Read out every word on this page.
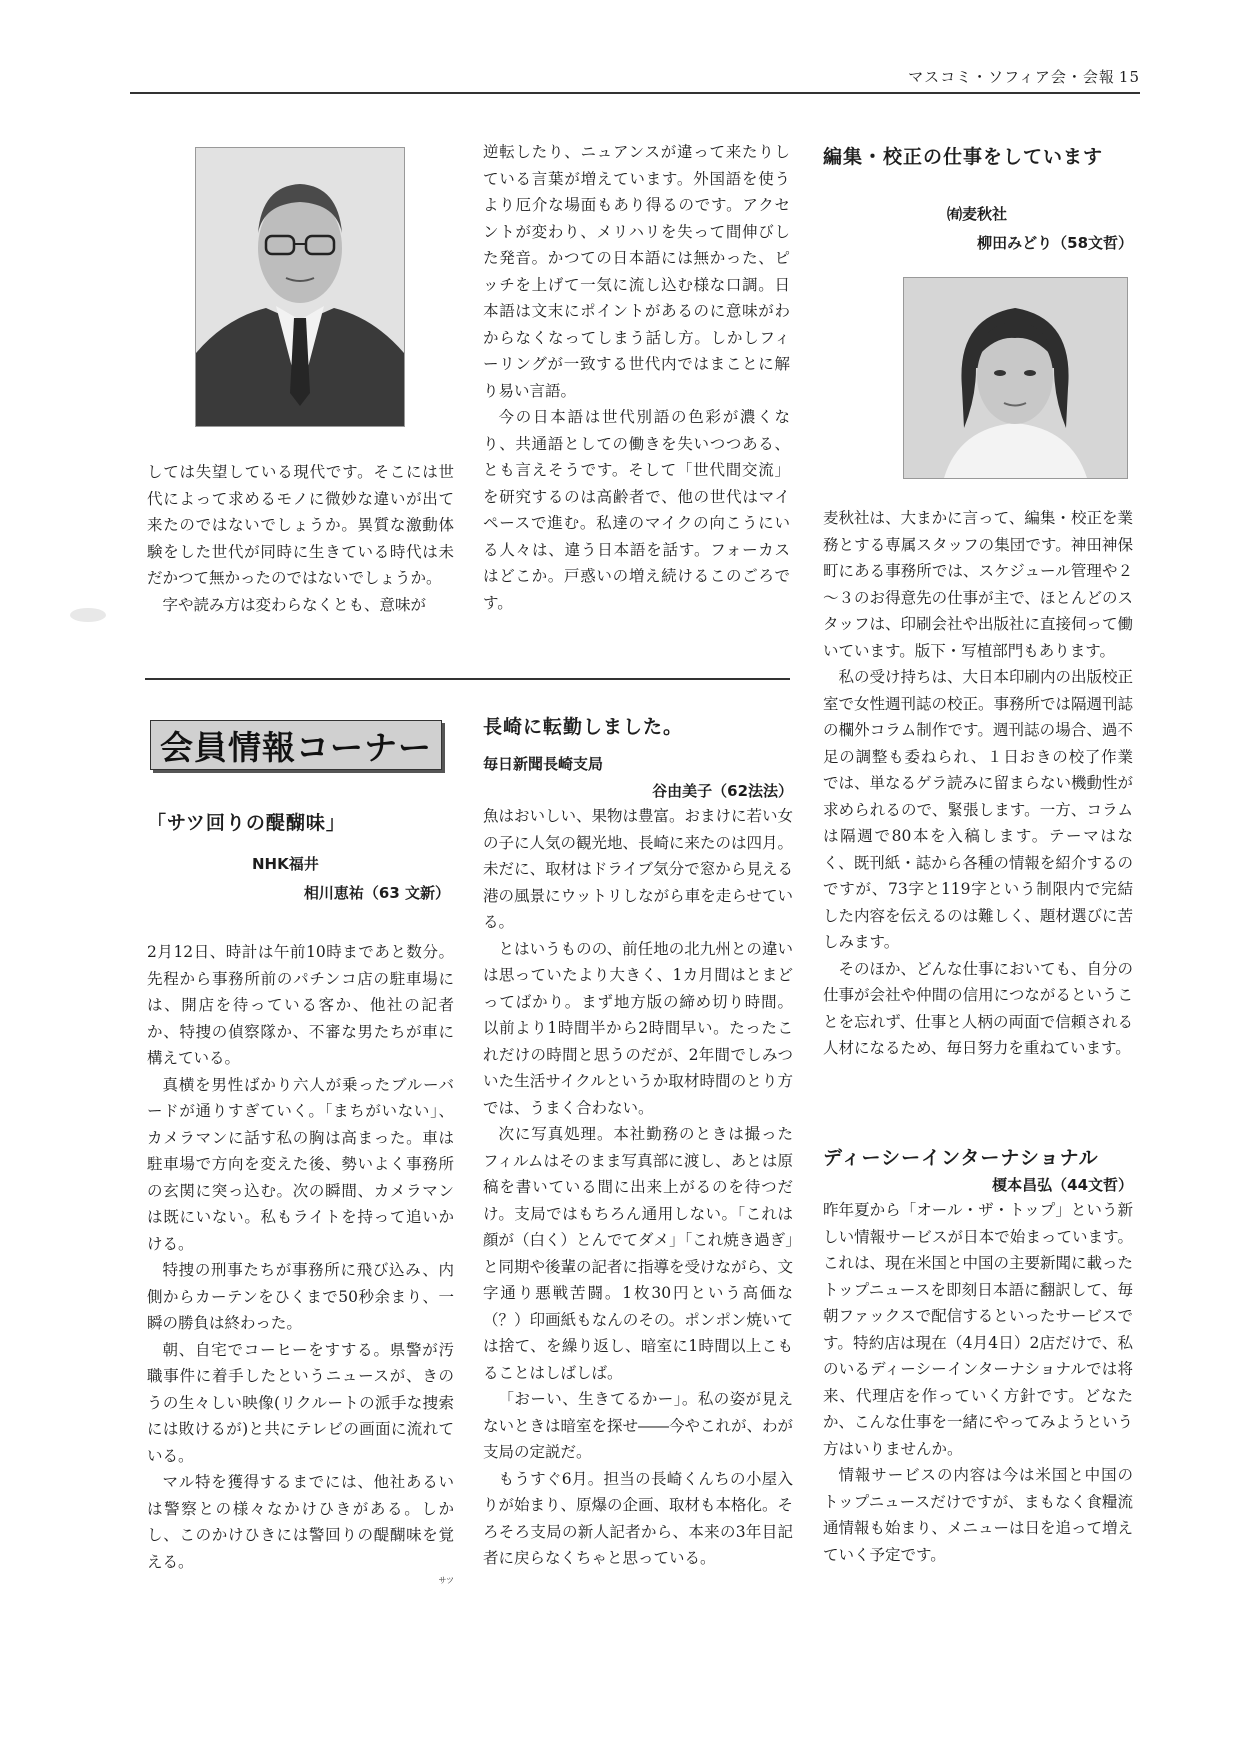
マスコミ・ソフィア会・会報 15

しては失望している現代です。そこには世代によって求めるモノに微妙な違いが出て来たのではないでしょうか。異質な激動体験をした世代が同時に生きている時代は未だかつて無かったのではないでしょうか。

字や読み方は変わらなくとも、意味が

逆転したり、ニュアンスが違って来たりしている言葉が増えています。外国語を使うより厄介な場面もあり得るのです。アクセントが変わり、メリハリを失って間伸びした発音。かつての日本語には無かった、ピッチを上げて一気に流し込む様な口調。日本語は文末にポイントがあるのに意味がわからなくなってしまう話し方。しかしフィーリングが一致する世代内ではまことに解り易い言語。

今の日本語は世代別語の色彩が濃くなり、共通語としての働きを失いつつある、とも言えそうです。そして「世代間交流」を研究するのは高齢者で、他の世代はマイペースで進む。私達のマイクの向こうにいる人々は、違う日本語を話す。フォーカスはどこか。戸惑いの増え続けるこのごろです。

会員情報コーナー

「サツ回りの醍醐味」

NHK福井
相川恵祐（63 文新）

2月12日、時計は午前10時まであと数分。先程から事務所前のパチンコ店の駐車場には、開店を待っている客か、他社の記者か、特捜の偵察隊か、不審な男たちが車に構えている。

真横を男性ばかり六人が乗ったブルーバードが通りすぎていく。「まちがいない」、カメラマンに話す私の胸は高まった。車は駐車場で方向を変えた後、勢いよく事務所の玄関に突っ込む。次の瞬間、カメラマンは既にいない。私もライトを持って追いかける。

特捜の刑事たちが事務所に飛び込み、内側からカーテンをひくまで50秒余まり、一瞬の勝負は終わった。

朝、自宅でコーヒーをすする。県警が汚職事件に着手したというニュースが、きのうの生々しい映像(リクルートの派手な捜索には敗けるが)と共にテレビの画面に流れている。

マル特を獲得するまでには、他社あるいは警察との様々なかけひきがある。しかし、このかけひきには警回りの醍醐味を覚える。

サツ

長崎に転勤しました。

毎日新聞長崎支局
谷由美子（62法法）

魚はおいしい、果物は豊富。おまけに若い女の子に人気の観光地、長崎に来たのは四月。未だに、取材はドライブ気分で窓から見える港の風景にウットリしながら車を走らせている。

とはいうものの、前任地の北九州との違いは思っていたより大きく、1カ月間はとまどってばかり。まず地方版の締め切り時間。以前より1時間半から2時間早い。たったこれだけの時間と思うのだが、2年間でしみついた生活サイクルというか取材時間のとり方では、うまく合わない。

次に写真処理。本社勤務のときは撮ったフィルムはそのまま写真部に渡し、あとは原稿を書いている間に出来上がるのを待つだけ。支局ではもちろん通用しない。「これは顔が（白く）とんでてダメ」「これ焼き過ぎ」と同期や後輩の記者に指導を受けながら、文字通り悪戦苦闘。1枚30円という高価な（？）印画紙もなんのその。ポンポン焼いては捨て、を繰り返し、暗室に1時間以上こもることはしばしば。

「おーい、生きてるかー」。私の姿が見えないときは暗室を探せ――今やこれが、わが支局の定説だ。

もうすぐ6月。担当の長崎くんちの小屋入りが始まり、原爆の企画、取材も本格化。そろそろ支局の新人記者から、本来の3年目記者に戻らなくちゃと思っている。

編集・校正の仕事をしています

㈲麦秋社
柳田みどり（58文哲）

麦秋社は、大まかに言って、編集・校正を業務とする専属スタッフの集団です。神田神保町にある事務所では、スケジュール管理や２～３のお得意先の仕事が主で、ほとんどのスタッフは、印刷会社や出版社に直接伺って働いています。版下・写植部門もあります。

私の受け持ちは、大日本印刷内の出版校正室で女性週刊誌の校正。事務所では隔週刊誌の欄外コラム制作です。週刊誌の場合、過不足の調整も委ねられ、１日おきの校了作業では、単なるゲラ読みに留まらない機動性が求められるので、緊張します。一方、コラムは隔週で80本を入稿します。テーマはなく、既刊紙・誌から各種の情報を紹介するのですが、73字と119字という制限内で完結した内容を伝えるのは難しく、題材選びに苦しみます。

そのほか、どんな仕事においても、自分の仕事が会社や仲間の信用につながるということを忘れず、仕事と人柄の両面で信頼される人材になるため、毎日努力を重ねています。

ディーシーインターナショナル

榎本昌弘（44文哲）

昨年夏から「オール・ザ・トップ」という新しい情報サービスが日本で始まっています。これは、現在米国と中国の主要新聞に載ったトップニュースを即刻日本語に翻訳して、毎朝ファックスで配信するといったサービスです。特約店は現在（4月4日）2店だけで、私のいるディーシーインターナショナルでは将来、代理店を作っていく方針です。どなたか、こんな仕事を一緒にやってみようという方はいりませんか。

情報サービスの内容は今は米国と中国のトップニュースだけですが、まもなく食糧流通情報も始まり、メニューは日を追って増えていく予定です。
